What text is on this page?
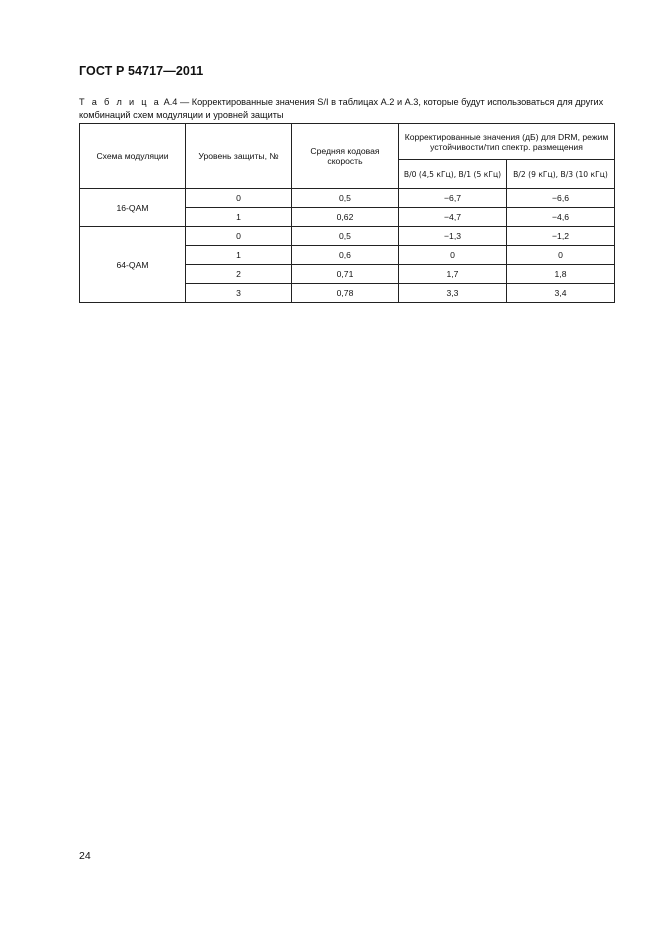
ГОСТ Р 54717—2011
Т а б л и ц а А.4 — Корректированные значения S/I в таблицах А.2 и А.3, которые будут использоваться для других комбинаций схем модуляции и уровней защиты
Схема модуляции	Уровень защиты, №	Средняя кодовая скорость	Корректированные значения (дБ) для DRM, режим устойчивости/тип спектр. размещения	
			В/0 (4,5 кГц), В/1 (5 кГц)	В/2 (9 кГц), В/3 (10 кГц)
16-QAM	0	0,5	−6,7	−6,6
	1	0,62	−4,7	−4,6
64-QAM	0	0,5	−1,3	−1,2
	1	0,6	0	0
	2	0,71	1,7	1,8
	3	0,78	3,3	3,4
24
